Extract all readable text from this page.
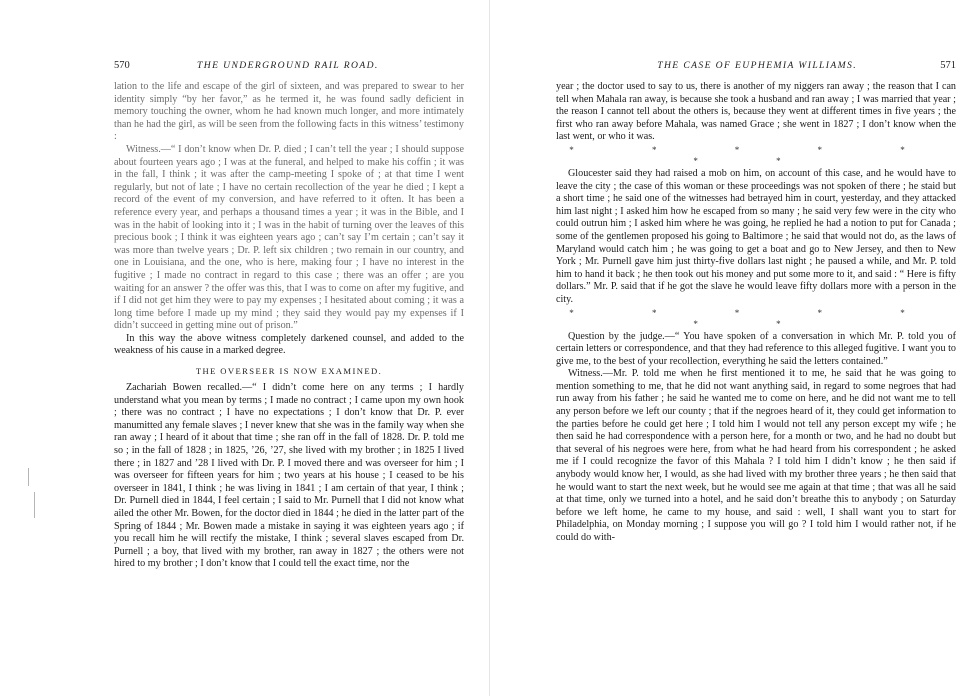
570	THE UNDERGROUND RAIL ROAD.

lation to the life and escape of the girl of sixteen, and was prepared to swear to her identity simply “by her favor,” as he termed it, he was found sadly deficient in memory touching the owner, whom he had known much longer, and more intimately than he had the girl, as will be seen from the following facts in this witness’ testimony :

Witness.—“ I don’t know when Dr. P. died ; I can’t tell the year ; I should suppose about fourteen years ago ; I was at the funeral, and helped to make his coffin ; it was in the fall, I think ; it was after the camp-meeting I spoke of ; at that time I went regularly, but not of late ; I have no certain recollection of the year he died ; I kept a record of the event of my conversion, and have referred to it often. It has been a reference every year, and perhaps a thousand times a year ; it was in the Bible, and I was in the habit of looking into it ; I was in the habit of turning over the leaves of this precious book ; I think it was eighteen years ago ; can’t say I’m certain ; can’t say it was more than twelve years ; Dr. P. left six children ; two remain in our country, and one in Louisiana, and the one, who is here, making four ; I have no interest in the fugitive ; I made no contract in regard to this case ; there was an offer ; are you waiting for an answer ? the offer was this, that I was to come on after my fugitive, and if I did not get him they were to pay my expenses ; I hesitated about coming ; it was a long time before I made up my mind ; they said they would pay my expenses if I didn’t succeed in getting mine out of prison.”

In this way the above witness completely darkened counsel, and added to the weakness of his cause in a marked degree.

THE OVERSEER IS NOW EXAMINED.

Zachariah Bowen recalled.—“ I didn’t come here on any terms ; I hardly understand what you mean by terms ; I made no contract ; I came upon my own hook ; there was no contract ; I have no expectations ; I don’t know that Dr. P. ever manumitted any female slaves ; I never knew that she was in the family way when she ran away ; I heard of it about that time ; she ran off in the fall of 1828. Dr. P. told me so ; in the fall of 1828 ; in 1825, ’26, ’27, she lived with my brother ; in 1825 I lived there ; in 1827 and ’28 I lived with Dr. P. I moved there and was overseer for him ; I was overseer for fifteen years for him ; two years at his house ; I ceased to be his overseer in 1841, I think ; he was living in 1841 ; I am certain of that year, I think ; Dr. Purnell died in 1844, I feel certain ; I said to Mr. Purnell that I did not know what ailed the other Mr. Bowen, for the doctor died in 1844 ; he died in the latter part of the Spring of 1844 ; Mr. Bowen made a mistake in saying it was eighteen years ago ; if you recall him he will rectify the mistake, I think ; several slaves escaped from Dr. Purnell ; a boy, that lived with my brother, ran away in 1827 ; the others were not hired to my brother ; I don’t know that I could tell the exact time, nor the

THE CASE OF EUPHEMIA WILLIAMS.	571

year ; the doctor used to say to us, there is another of my niggers ran away ; the reason that I can tell when Mahala ran away, is because she took a husband and ran away ; I was married that year ; the reason I cannot tell about the others is, because they went at different times in five years ; the first who ran away before Mahala, was named Grace ; she went in 1827 ; I don’t know when the last went, or who it was.

* * * * * * *

Gloucester said they had raised a mob on him, on account of this case, and he would have to leave the city ; the case of this woman or these proceedings was not spoken of there ; he staid but a short time ; he said one of the witnesses had betrayed him in court, yesterday, and they attacked him last night ; I asked him how he escaped from so many ; he said very few were in the city who could outrun him ; I asked him where he was going, he replied he had a notion to put for Canada ; some of the gentlemen proposed his going to Baltimore ; he said that would not do, as the laws of Maryland would catch him ; he was going to get a boat and go to New Jersey, and then to New York ; Mr. Purnell gave him just thirty-five dollars last night ; he paused a while, and Mr. P. told him to hand it back ; he then took out his money and put some more to it, and said : “ Here is fifty dollars.” Mr. P. said that if he got the slave he would leave fifty dollars more with a person in the city.

* * * * * * *

Question by the judge.—“ You have spoken of a conversation in which Mr. P. told you of certain letters or correspondence, and that they had reference to this alleged fugitive. I want you to give me, to the best of your recollection, everything he said the letters contained.”

Witness.—Mr. P. told me when he first mentioned it to me, he said that he was going to mention something to me, that he did not want anything said, in regard to some negroes that had run away from his father ; he said he wanted me to come on here, and he did not want me to tell any person before we left our county ; that if the negroes heard of it, they could get information to the parties before he could get here ; I told him I would not tell any person except my wife ; he then said he had correspondence with a person here, for a month or two, and he had no doubt but that several of his negroes were here, from what he had heard from his correspondent ; he asked me if I could recognize the favor of this Mahala ? I told him I didn’t know ; he then said if anybody would know her, I would, as she had lived with my brother three years ; he then said that he would want to start the next week, but he would see me again at that time ; that was all he said at that time, only we turned into a hotel, and he said don’t breathe this to anybody ; on Saturday before we left home, he came to my house, and said : well, I shall want you to start for Philadelphia, on Monday morning ; I suppose you will go ? I told him I would rather not, if he could do with-
